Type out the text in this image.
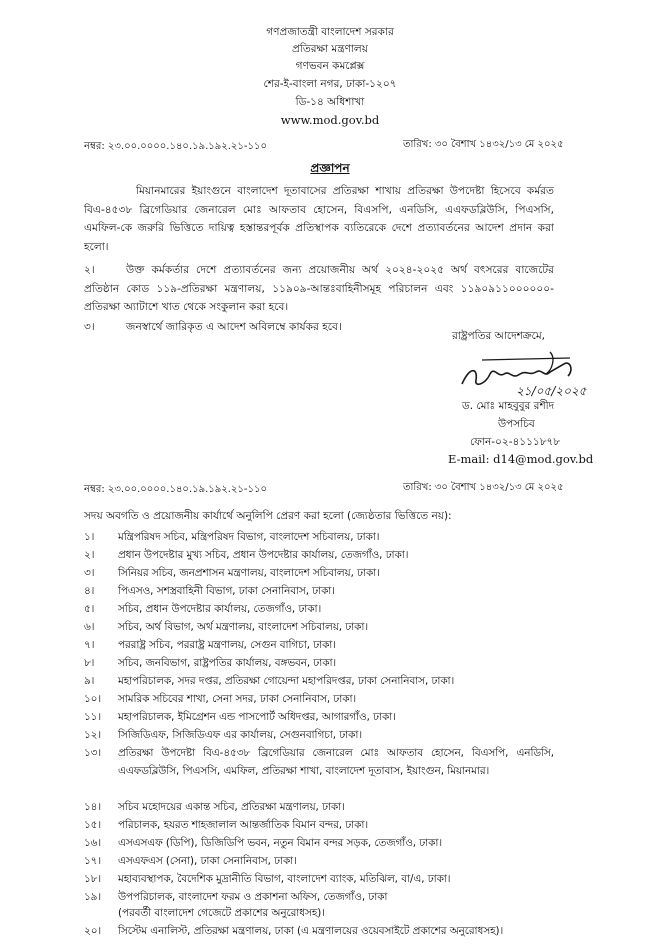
গণপ্রজাতন্ত্রী বাংলাদেশ সরকার
প্রতিরক্ষা মন্ত্রণালয়
গণভবন কমপ্লেক্স
শের-ই-বাংলা নগর, ঢাকা-১২০৭
ডি-১৪ অধিশাখা
www.mod.gov.bd
নম্বর: ২৩.০০.০০০০.১৪০.১৯.১৯২.২১-১১০	তারিখ: ৩০ বৈশাখ ১৪৩২/১৩ মে ২০২৫
প্রজ্ঞাপন
মিয়ানমারের ইয়াংগুনে বাংলাদেশ দূতাবাসের প্রতিরক্ষা শাখায় প্রতিরক্ষা উপদেষ্টা হিসেবে কর্মরত বিএ-৪৫৩৮ ব্রিগেডিয়ার জেনারেল মোঃ আফতাব হোসেন, বিএসপি, এনডিসি, এএফডব্লিউসি, পিএসসি, এমফিল-কে জরুরি ভিত্তিতে দায়িত্ব হস্তান্তরপূর্বক প্রতিস্থাপক ব্যতিরেকে দেশে প্রত্যাবর্তনের আদেশ প্রদান করা হলো।
২।	উক্ত কর্মকর্তার দেশে প্রত্যাবর্তনের জন্য প্রয়োজনীয় অর্থ ২০২৪-২০২৫ অর্থ বৎসরের বাজেটের প্রতিষ্ঠান কোড ১১৯-প্রতিরক্ষা মন্ত্রণালয়, ১১৯০৯-আন্তঃবাহিনীসমূহ পরিচালন এবং ১১৯০৯১১০০০০০০-প্রতিরক্ষা অ্যাটাশে খাত থেকে সংকুলান করা হবে।
৩।	জনস্বার্থে জারিকৃত এ আদেশ অবিলম্বে কার্যকর হবে।
রাষ্ট্রপতির আদেশক্রমে,
২১/০৫/২০২৫
ড. মোঃ মাহবুবুর রশীদ
উপসচিব
ফোন-০২-৪১১১৮৭৮
E-mail: d14@mod.gov.bd
নম্বর: ২৩.০০.০০০০.১৪০.১৯.১৯২.২১-১১০	তারিখ: ৩০ বৈশাখ ১৪৩২/১৩ মে ২০২৫
সদয় অবগতি ও প্রয়োজনীয় কার্যার্থে অনুলিপি প্রেরণ করা হলো (জ্যেষ্ঠতার ভিত্তিতে নয়):
১।	মন্ত্রিপরিষদ সচিব, মন্ত্রিপরিষদ বিভাগ, বাংলাদেশ সচিবালয়, ঢাকা।
২।	প্রধান উপদেষ্টার মুখ্য সচিব, প্রধান উপদেষ্টার কার্যালয়, তেজগাঁও, ঢাকা।
৩।	সিনিয়র সচিব, জনপ্রশাসন মন্ত্রণালয়, বাংলাদেশ সচিবালয়, ঢাকা।
৪।	পিএসও, সশস্ত্রবাহিনী বিভাগ, ঢাকা সেনানিবাস, ঢাকা।
৫।	সচিব, প্রধান উপদেষ্টার কার্যালয়, তেজগাঁও, ঢাকা।
৬।	সচিব, অর্থ বিভাগ, অর্থ মন্ত্রণালয়, বাংলাদেশ সচিবালয়, ঢাকা।
৭।	পররাষ্ট্র সচিব, পররাষ্ট্র মন্ত্রণালয়, সেগুন বাগিচা, ঢাকা।
৮।	সচিব, জনবিভাগ, রাষ্ট্রপতির কার্যালয়, বঙ্গভবন, ঢাকা।
৯।	মহাপরিচালক, সদর দপ্তর, প্রতিরক্ষা গোয়েন্দা মহাপরিদপ্তর, ঢাকা সেনানিবাস, ঢাকা।
১০।	সামরিক সচিবের শাখা, সেনা সদর, ঢাকা সেনানিবাস, ঢাকা।
১১।	মহাপরিচালক, ইমিগ্রেশন এন্ড পাসপোর্ট অধিদপ্তর, আগারগাঁও, ঢাকা।
১২।	সিজিডিএফ, সিজিডিএফ এর কার্যালয়, সেগুনবাগিচা, ঢাকা।
১৩।	প্রতিরক্ষা উপদেষ্টা বিএ-৪৫৩৮ ব্রিগেডিয়ার জেনারেল মোঃ আফতাব হোসেন, বিএসপি, এনডিসি, এএফডব্লিউসি, পিএসসি, এমফিল, প্রতিরক্ষা শাখা, বাংলাদেশ দূতাবাস, ইয়াংগুন, মিয়ানমার।
১৪।	সচিব মহোদয়ের একান্ত সচিব, প্রতিরক্ষা মন্ত্রণালয়, ঢাকা।
১৫।	পরিচালক, হযরত শাহজালাল আন্তর্জাতিক বিমান বন্দর, ঢাকা।
১৬।	এসএসএফ (ডিপি), ডিজিডিপি ভবন, নতুন বিমান বন্দর সড়ক, তেজগাঁও, ঢাকা।
১৭।	এসএফএস (সেনা), ঢাকা সেনানিবাস, ঢাকা।
১৮।	মহাব্যবস্থাপক, বৈদেশিক মুদ্রানীতি বিভাগ, বাংলাদেশ ব্যাংক, মতিঝিল, বা/এ, ঢাকা।
১৯।	উপপরিচালক, বাংলাদেশ ফরম ও প্রকাশনা অফিস, তেজগাঁও, ঢাকা
(পরবর্তী বাংলাদেশ গেজেটে প্রকাশের অনুরোধসহ)।
২০।	সিস্টেম এনালিস্ট, প্রতিরক্ষা মন্ত্রণালয়, ঢাকা (এ মন্ত্রণালয়ের ওয়েবসাইটে প্রকাশের অনুরোধসহ)।
